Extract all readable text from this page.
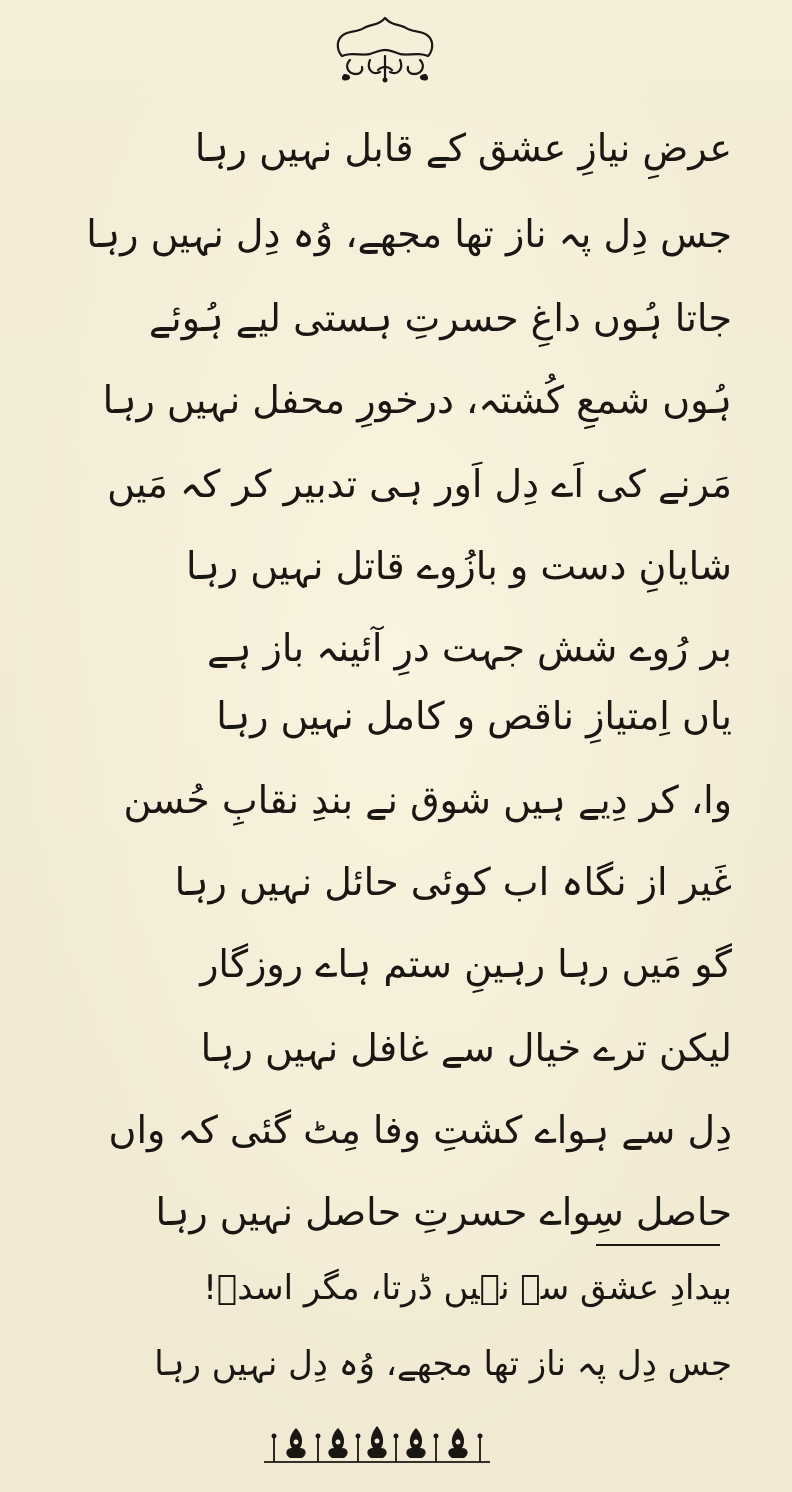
عرضِ نیازِ عشق کے قابل نہیں رہا
جس دِل پہ ناز تھا مجھے، وُہ دِل نہیں رہا
جاتا ہُوں داغِ حسرتِ ہستی لیے ہُوئے
ہُوں شمعِ کُشتہ، درخورِ محفل نہیں رہا
مَرنے کی اَے دِل اَور ہی تدبیر کر کہ مَیں
شایانِ دست و بازُوے قاتل نہیں رہا
بر رُوے شش جہت درِ آئینہ باز ہے
یاں اِمتیازِ ناقص و کامل نہیں رہا
وا، کر دِیے ہیں شوق نے بندِ نقابِ حُسن
غَیر از نگاہ اب کوئی حائل نہیں رہا
گو مَیں رہا رہینِ ستم ہاے روزگار
لیکن ترے خیال سے غافل نہیں رہا
دِل سے ہواے کشتِ وفا مِٹ گئی کہ واں
حاصل سِواے حسرتِ حاصل نہیں رہا
بیدادِ عشق سے نہیں ڈرتا، مگر اسدؔ!
جس دِل پہ ناز تھا مجھے، وُہ دِل نہیں رہا
